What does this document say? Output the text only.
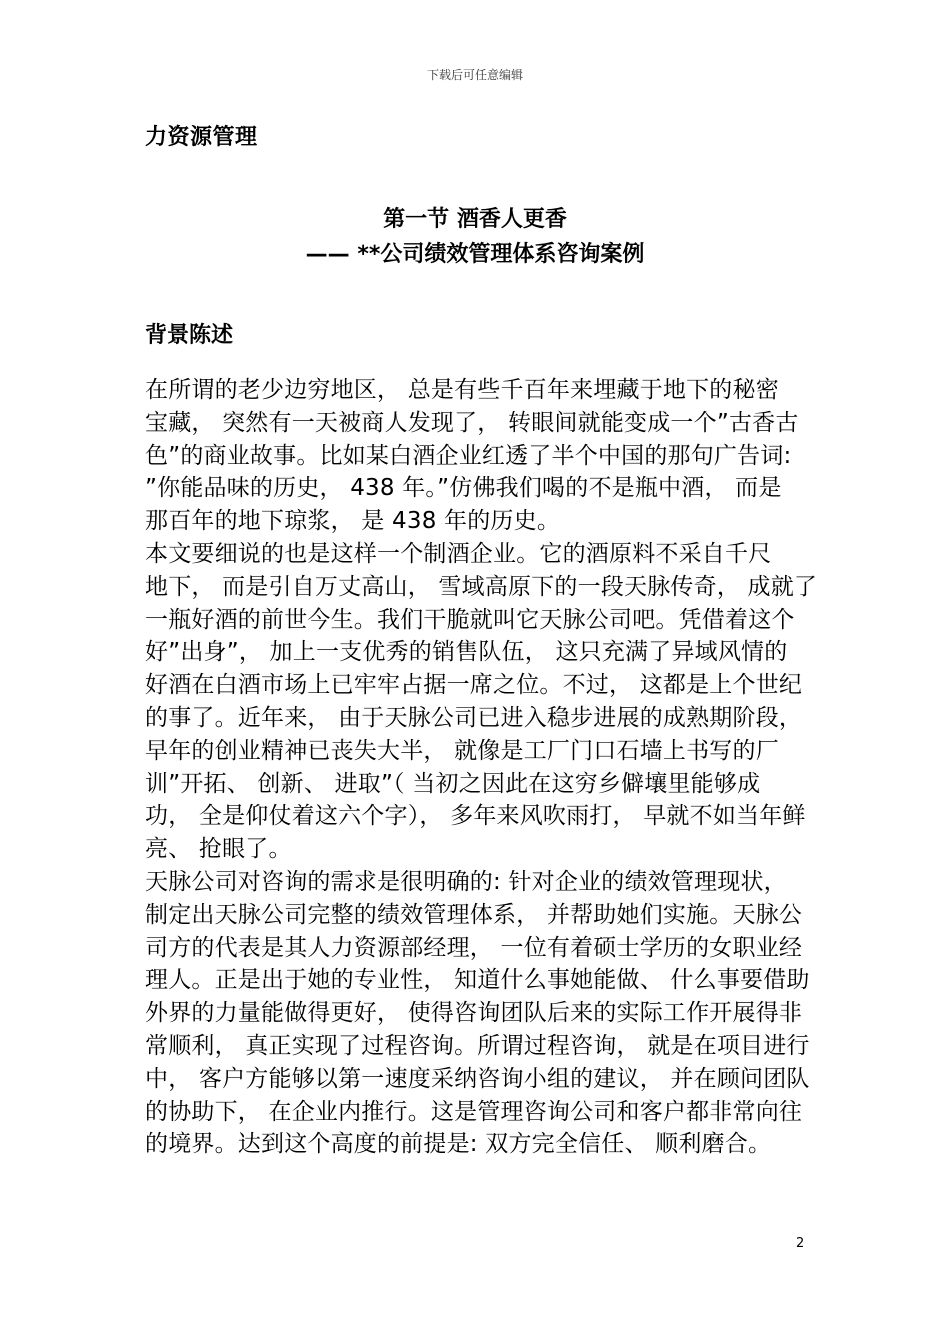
下载后可任意编辑
力资源管理
第一节 酒香人更香
—— **公司绩效管理体系咨询案例
背景陈述
在所谓的老少边穷地区， 总是有些千百年来埋藏于地下的秘密
宝藏， 突然有一天被商人发现了， 转眼间就能变成一个”古香古
色”的商业故事。比如某白酒企业红透了半个中国的那句广告词:
”你能品味的历史， 438 年。”仿佛我们喝的不是瓶中酒， 而是
那百年的地下琼浆， 是 438 年的历史。
本文要细说的也是这样一个制酒企业。它的酒原料不采自千尺
地下， 而是引自万丈高山， 雪域高原下的一段天脉传奇， 成就了
一瓶好酒的前世今生。我们干脆就叫它天脉公司吧。凭借着这个
好”出身”， 加上一支优秀的销售队伍， 这只充满了异域风情的
好酒在白酒市场上已牢牢占据一席之位。不过， 这都是上个世纪
的事了。近年来， 由于天脉公司已进入稳步进展的成熟期阶段，
早年的创业精神已丧失大半， 就像是工厂门口石墙上书写的厂
训”开拓、 创新、 进取”（ 当初之因此在这穷乡僻壤里能够成
功， 全是仰仗着这六个字）， 多年来风吹雨打， 早就不如当年鲜
亮、 抢眼了。
天脉公司对咨询的需求是很明确的: 针对企业的绩效管理现状，
制定出天脉公司完整的绩效管理体系， 并帮助她们实施。天脉公
司方的代表是其人力资源部经理， 一位有着硕士学历的女职业经
理人。正是出于她的专业性， 知道什么事她能做、 什么事要借助
外界的力量能做得更好， 使得咨询团队后来的实际工作开展得非
常顺利， 真正实现了过程咨询。所谓过程咨询， 就是在项目进行
中， 客户方能够以第一速度采纳咨询小组的建议， 并在顾问团队
的协助下， 在企业内推行。这是管理咨询公司和客户都非常向往
的境界。达到这个高度的前提是: 双方完全信任、 顺利磨合。
2
